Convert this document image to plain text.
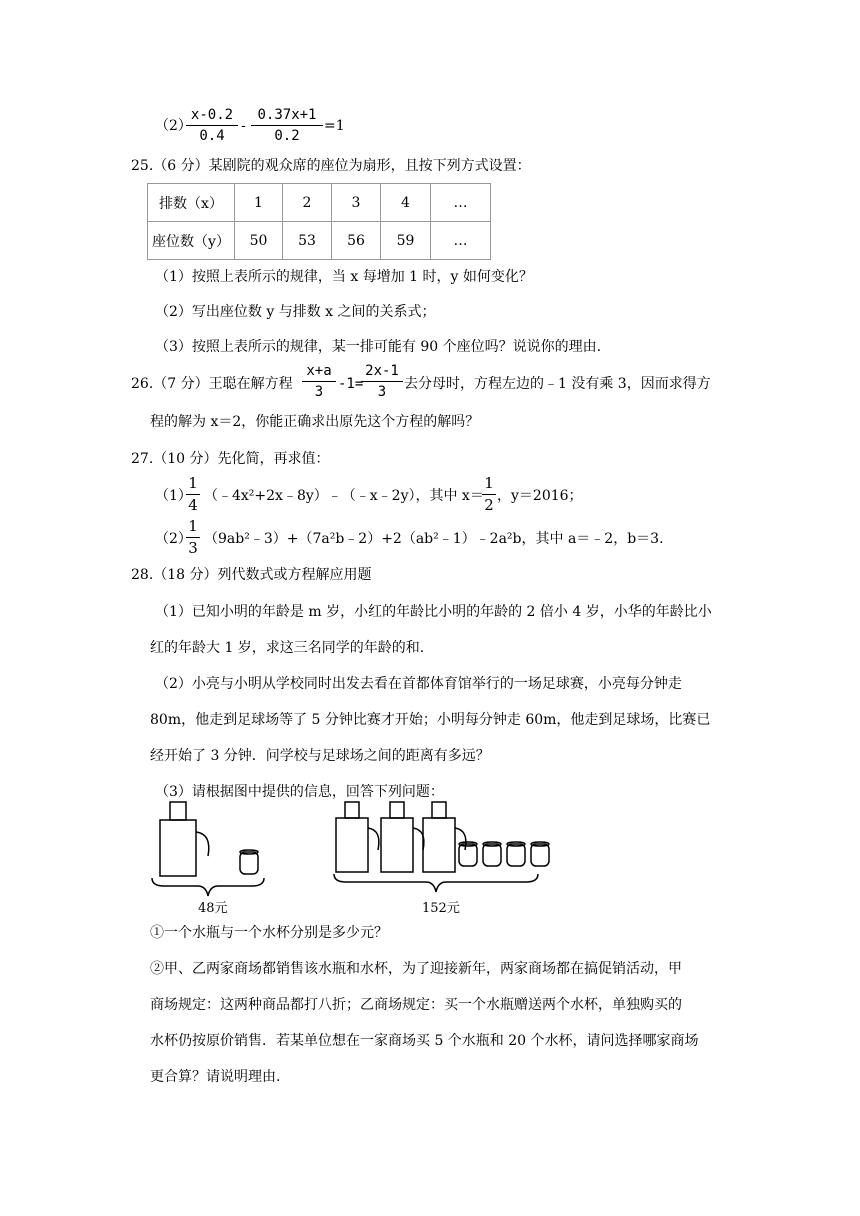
（2）
x-0.2
0.4
-
0.37x+1
0.2
=1
25.（6 分）某剧院的观众席的座位为扇形，且按下列方式设置：
排数（x）	1	2	3	4	…
座位数（y）	50	53	56	59	…
（1）按照上表所示的规律，当 x 每增加 1 时，y 如何变化？
（2）写出座位数 y 与排数 x 之间的关系式；
（3）按照上表所示的规律，某一排可能有 90 个座位吗？说说你的理由.
26.（7 分）王聪在解方程
x+a
3	-1=
2x-1
3	去分母时，方程左边的﹣1 没有乘 3，因而求得方
程的解为 x＝2，你能正确求出原先这个方程的解吗？
27.（10 分）先化简，再求值：
（1）
1
4 （﹣4x²+2x﹣8y）﹣（﹣x﹣2y），其中 x＝
1
2 ，y＝2016；
（2）
1
3 （9ab²﹣3）+（7a²b﹣2）+2（ab²﹣1）﹣2a²b，其中 a＝﹣2，b＝3.
28.（18 分）列代数式或方程解应用题
（1）已知小明的年龄是 m 岁，小红的年龄比小明的年龄的 2 倍小 4 岁，小华的年龄比小
红的年龄大 1 岁，求这三名同学的年龄的和.
（2）小亮与小明从学校同时出发去看在首都体育馆举行的一场足球赛，小亮每分钟走
80m，他走到足球场等了 5 分钟比赛才开始；小明每分钟走 60m，他走到足球场，比赛已
经开始了 3 分钟．问学校与足球场之间的距离有多远？
（3）请根据图中提供的信息，回答下列问题：
48元	152元
①一个水瓶与一个水杯分别是多少元？
②甲、乙两家商场都销售该水瓶和水杯，为了迎接新年，两家商场都在搞促销活动，甲
商场规定：这两种商品都打八折；乙商场规定：买一个水瓶赠送两个水杯，单独购买的
水杯仍按原价销售．若某单位想在一家商场买 5 个水瓶和 20 个水杯，请问选择哪家商场
更合算？请说明理由.
